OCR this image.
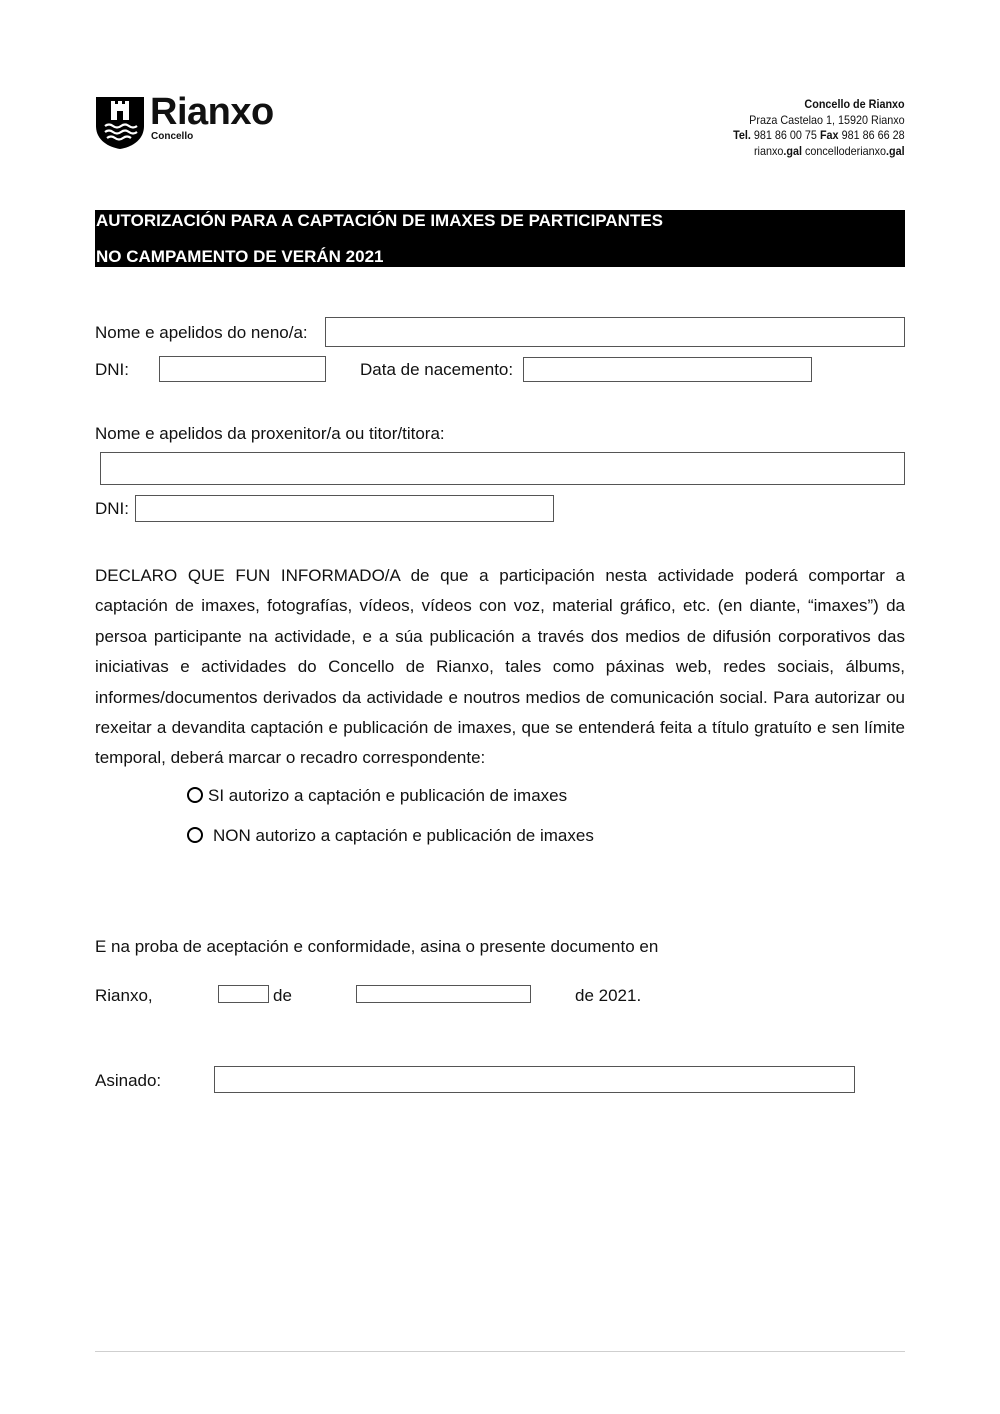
Rianxo
Concello
Concello de Rianxo
Praza Castelao 1, 15920 Rianxo
Tel. 981 86 00 75 Fax 981 86 66 28
rianxo.gal concelloderianxo.gal
AUTORIZACIÓN PARA A CAPTACIÓN DE IMAXES DE PARTICIPANTES
NO CAMPAMENTO DE VERÁN 2021
Nome e apelidos do neno/a:
DNI:	Data de nacemento:
Nome e apelidos da proxenitor/a ou titor/titora:
DNI:
DECLARO QUE FUN INFORMADO/A de que a participación nesta actividade poderá comportar a captación de imaxes, fotografías, vídeos, vídeos con voz, material gráfico, etc. (en diante, “imaxes”) da persoa participante na actividade, e a súa publicación a través dos medios de difusión corporativos das iniciativas e actividades do Concello de Rianxo, tales como páxinas web, redes sociais, álbums, informes/documentos derivados da actividade e noutros medios de comunicación social. Para autorizar ou rexeitar a devandita captación e publicación de imaxes, que se entenderá feita a título gratuíto e sen límite temporal, deberá marcar o recadro correspondente:
SI autorizo a captación e publicación de imaxes
NON autorizo a captación e publicación de imaxes
E na proba de aceptación e conformidade, asina o presente documento en
Rianxo,	de	de 2021.
Asinado:
